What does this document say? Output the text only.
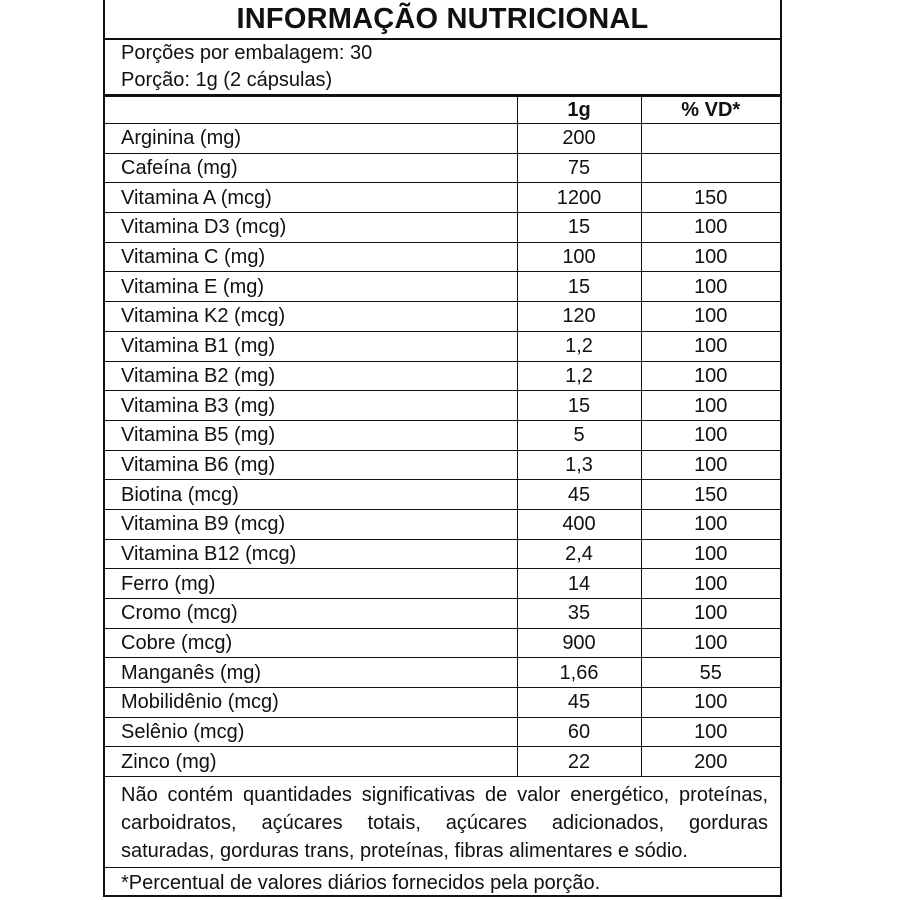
INFORMAÇÃO NUTRICIONAL
Porções por embalagem: 30
Porção: 1g (2 cápsulas)
	1g	% VD*
Arginina (mg)	200	
Cafeína (mg)	75	
Vitamina A (mcg)	1200	150
Vitamina D3 (mcg)	15	100
Vitamina C (mg)	100	100
Vitamina E (mg)	15	100
Vitamina K2 (mcg)	120	100
Vitamina B1 (mg)	1,2	100
Vitamina B2 (mg)	1,2	100
Vitamina B3 (mg)	15	100
Vitamina B5 (mg)	5	100
Vitamina B6 (mg)	1,3	100
Biotina (mcg)	45	150
Vitamina B9 (mcg)	400	100
Vitamina B12 (mcg)	2,4	100
Ferro (mg)	14	100
Cromo (mcg)	35	100
Cobre (mcg)	900	100
Manganês (mg)	1,66	55
Mobilidênio (mcg)	45	100
Selênio (mcg)	60	100
Zinco (mg)	22	200
Não contém quantidades significativas de valor energético, proteínas, carboidratos, açúcares totais, açúcares adicionados, gorduras saturadas, gorduras trans, proteínas, fibras alimentares e sódio.
*Percentual de valores diários fornecidos pela porção.
